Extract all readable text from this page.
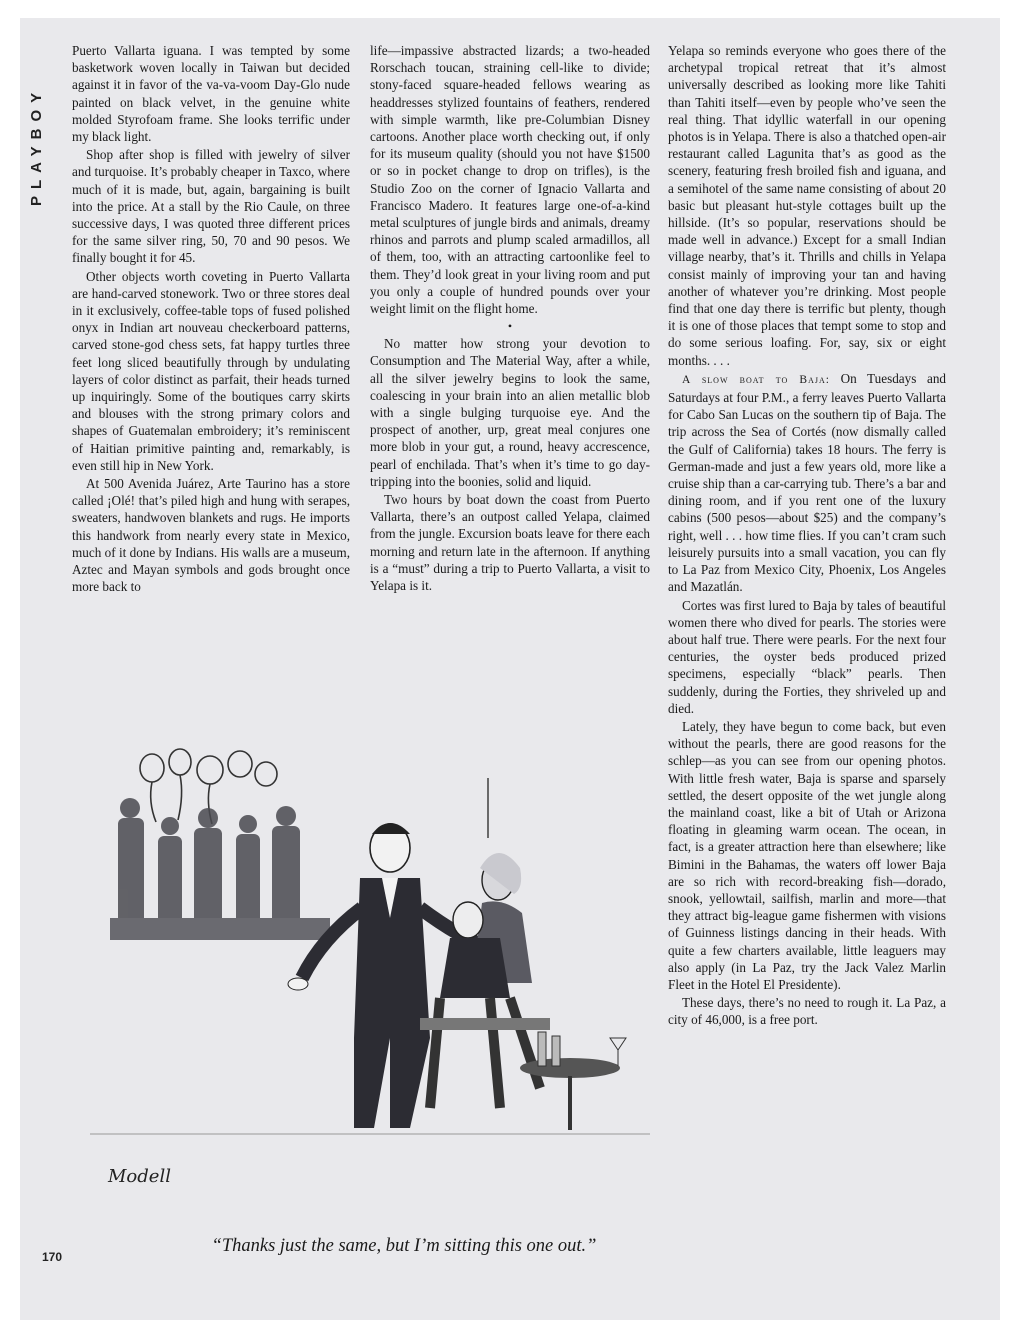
PLAYBOY

Puerto Vallarta iguana. I was tempted by some basketwork woven locally in Taiwan but decided against it in favor of the va-va-voom Day-Glo nude painted on black velvet, in the genuine white molded Styrofoam frame. She looks terrific under my black light.

Shop after shop is filled with jewelry of silver and turquoise. It’s probably cheaper in Taxco, where much of it is made, but, again, bargaining is built into the price. At a stall by the Rio Caule, on three successive days, I was quoted three different prices for the same silver ring, 50, 70 and 90 pesos. We finally bought it for 45.

Other objects worth coveting in Puerto Vallarta are hand-carved stonework. Two or three stores deal in it exclusively, coffee-table tops of fused polished onyx in Indian art nouveau checkerboard patterns, carved stone-god chess sets, fat happy turtles three feet long sliced beautifully through by undulating layers of color distinct as parfait, their heads turned up inquiringly. Some of the boutiques carry skirts and blouses with the strong primary colors and shapes of Guatemalan embroidery; it’s reminiscent of Haitian primitive painting and, remarkably, is even still hip in New York.

At 500 Avenida Juárez, Arte Taurino has a store called ¡Olé! that’s piled high and hung with serapes, sweaters, handwoven blankets and rugs. He imports this handwork from nearly every state in Mexico, much of it done by Indians. His walls are a museum, Aztec and Mayan symbols and gods brought once more back to

life—impassive abstracted lizards; a two-headed Rorschach toucan, straining cell-like to divide; stony-faced square-headed fellows wearing as headdresses stylized fountains of feathers, rendered with simple warmth, like pre-Columbian Disney cartoons. Another place worth checking out, if only for its museum quality (should you not have $1500 or so in pocket change to drop on trifles), is the Studio Zoo on the corner of Ignacio Vallarta and Francisco Madero. It features large one-of-a-kind metal sculptures of jungle birds and animals, dreamy rhinos and parrots and plump scaled armadillos, all of them, too, with an attracting cartoonlike feel to them. They’d look great in your living room and put you only a couple of hundred pounds over your weight limit on the flight home.

•

No matter how strong your devotion to Consumption and The Material Way, after a while, all the silver jewelry begins to look the same, coalescing in your brain into an alien metallic blob with a single bulging turquoise eye. And the prospect of another, urp, great meal conjures one more blob in your gut, a round, heavy accrescence, pearl of enchilada. That’s when it’s time to go day-tripping into the boonies, solid and liquid.

Two hours by boat down the coast from Puerto Vallarta, there’s an outpost called Yelapa, claimed from the jungle. Excursion boats leave for there each morning and return late in the afternoon. If anything is a “must” during a trip to Puerto Vallarta, a visit to Yelapa is it.

Yelapa so reminds everyone who goes there of the archetypal tropical retreat that it’s almost universally described as looking more like Tahiti than Tahiti itself—even by people who’ve seen the real thing. That idyllic waterfall in our opening photos is in Yelapa. There is also a thatched open-air restaurant called Lagunita that’s as good as the scenery, featuring fresh broiled fish and iguana, and a semihotel of the same name consisting of about 20 basic but pleasant hut-style cottages built up the hillside. (It’s so popular, reservations should be made well in advance.) Except for a small Indian village nearby, that’s it. Thrills and chills in Yelapa consist mainly of improving your tan and having another of whatever you’re drinking. Most people find that one day there is terrific but plenty, though it is one of those places that tempt some to stop and do some serious loafing. For, say, six or eight months. . . .

A slow boat to Baja: On Tuesdays and Saturdays at four P.M., a ferry leaves Puerto Vallarta for Cabo San Lucas on the southern tip of Baja. The trip across the Sea of Cortés (now dismally called the Gulf of California) takes 18 hours. The ferry is German-made and just a few years old, more like a cruise ship than a car-carrying tub. There’s a bar and dining room, and if you rent one of the luxury cabins (500 pesos—about $25) and the company’s right, well . . . how time flies. If you can’t cram such leisurely pursuits into a small vacation, you can fly to La Paz from Mexico City, Phoenix, Los Angeles and Mazatlán.

Cortes was first lured to Baja by tales of beautiful women there who dived for pearls. The stories were about half true. There were pearls. For the next four centuries, the oyster beds produced prized specimens, especially “black” pearls. Then suddenly, during the Forties, they shriveled up and died.

Lately, they have begun to come back, but even without the pearls, there are good reasons for the schlep—as you can see from our opening photos. With little fresh water, Baja is sparse and sparsely settled, the desert opposite of the wet jungle along the mainland coast, like a bit of Utah or Arizona floating in gleaming warm ocean. The ocean, in fact, is a greater attraction here than elsewhere; like Bimini in the Bahamas, the waters off lower Baja are so rich with record-breaking fish—dorado, snook, yellowtail, sailfish, marlin and more—that they attract big-league game fishermen with visions of Guinness listings dancing in their heads. With quite a few charters available, little leaguers may also apply (in La Paz, try the Jack Valez Marlin Fleet in the Hotel El Presidente).

These days, there’s no need to rough it. La Paz, a city of 46,000, is a free port.

Modell
“Thanks just the same, but I’m sitting this one out.”
170
